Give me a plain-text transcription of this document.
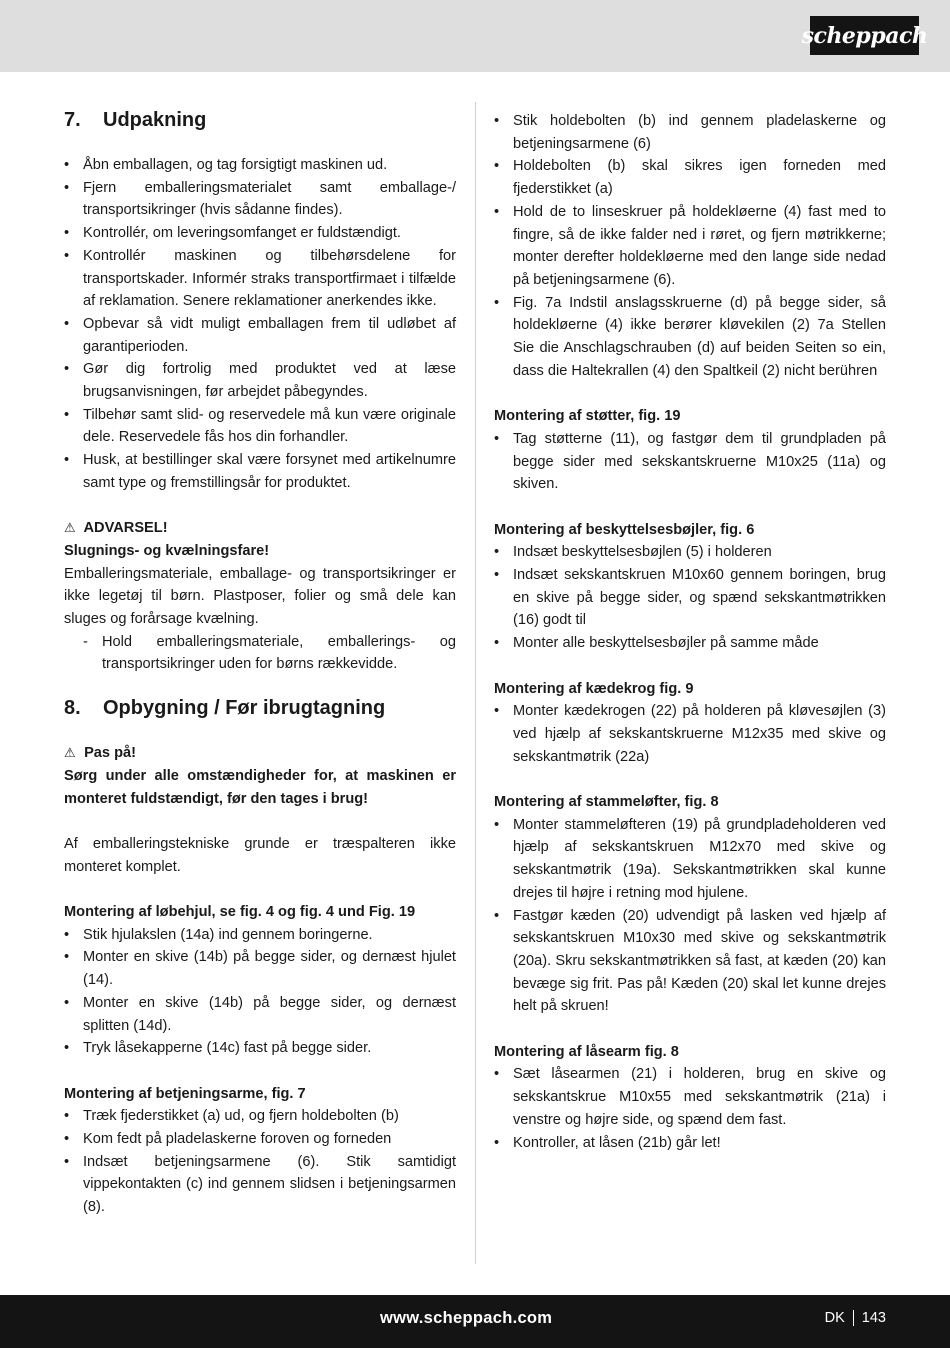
scheppach
7.	Udpakning
• Åbn emballagen, og tag forsigtigt maskinen ud.
• Fjern emballeringsmaterialet samt emballage-/ transportsikringer (hvis sådanne findes).
• Kontrollér, om leveringsomfanget er fuldstændigt.
• Kontrollér maskinen og tilbehørsdelene for transportskader. Informér straks transportfirmaet i tilfælde af reklamation. Senere reklamationer anerkendes ikke.
• Opbevar så vidt muligt emballagen frem til udløbet af garantiperioden.
• Gør dig fortrolig med produktet ved at læse brugsanvisningen, før arbejdet påbegyndes.
• Tilbehør samt slid- og reservedele må kun være originale dele. Reservedele fås hos din forhandler.
• Husk, at bestillinger skal være forsynet med artikelnumre samt type og fremstillingsår for produktet.
⚠ ADVARSEL!
Slugnings- og kvælningsfare!

Emballeringsmateriale, emballage- og transportsikringer er ikke legetøj til børn. Plastposer, folier og små dele kan sluges og forårsage kvælning.

- Hold emballeringsmateriale, emballerings- og transportsikringer uden for børns rækkevidde.
8.	Opbygning / Før ibrugtagning
⚠ Pas på!

Sørg under alle omstændigheder for, at maskinen er monteret fuldstændigt, før den tages i brug!

Af emballeringstekniske grunde er træspalteren ikke monteret komplet.

Montering af løbehjul, se fig. 4 og fig. 4 und Fig. 19
• Stik hjulakslen (14a) ind gennem boringerne.
• Monter en skive (14b) på begge sider, og dernæst hjulet (14).
• Monter en skive (14b) på begge sider, og dernæst splitten (14d).
• Tryk låsekapperne (14c) fast på begge sider.
Montering af betjeningsarme, fig. 7
• Træk fjederstikket (a) ud, og fjern holdebolten (b)
• Kom fedt på pladelaskerne foroven og forneden
• Indsæt betjeningsarmene (6). Stik samtidigt vippekontakten (c) ind gennem slidsen i betjeningsarmen (8).
• Stik holdebolten (b) ind gennem pladelaskerne og betjeningsarmene (6)
• Holdebolten (b) skal sikres igen forneden med fjederstikket (a)
• Hold de to linseskruer på holdekløerne (4) fast med to fingre, så de ikke falder ned i røret, og fjern møtrikkerne; monter derefter holdekløerne med den lange side nedad på betjeningsarmene (6).
• Fig. 7a Indstil anslagsskruerne (d) på begge sider, så holdekløerne (4) ikke berører kløvekilen (2) 7a Stellen Sie die Anschlagschrauben (d) auf beiden Seiten so ein, dass die Haltekrallen (4) den Spaltkeil (2) nicht berühren
Montering af støtter, fig. 19
• Tag støtterne (11), og fastgør dem til grundpladen på begge sider med sekskantskruerne M10x25 (11a) og skiven.
Montering af beskyttelsesbøjler, fig. 6
• Indsæt beskyttelsesbøjlen (5) i holderen
• Indsæt sekskantskruen M10x60 gennem boringen, brug en skive på begge sider, og spænd sekskantmøtrikken (16) godt til
• Monter alle beskyttelsesbøjler på samme måde
Montering af kædekrog fig. 9
• Monter kædekrogen (22) på holderen på kløvesøjlen (3) ved hjælp af sekskantskruerne M12x35 med skive og sekskantmøtrik (22a)
Montering af stammeløfter, fig. 8
• Monter stammeløfteren (19) på grundpladeholderen ved hjælp af sekskantskruen M12x70 med skive og sekskantmøtrik (19a). Sekskantmøtrikken skal kunne drejes til højre i retning mod hjulene.
• Fastgør kæden (20) udvendigt på lasken ved hjælp af sekskantskruen M10x30 med skive og sekskantmøtrik (20a). Skru sekskantmøtrikken så fast, at kæden (20) kan bevæge sig frit. Pas på! Kæden (20) skal let kunne drejes helt på skruen!
Montering af låsearm fig. 8
• Sæt låsearmen (21) i holderen, brug en skive og sekskantskrue M10x55 med sekskantmøtrik (21a) i venstre og højre side, og spænd dem fast.
• Kontroller, at låsen (21b) går let!
www.scheppach.com	DK 143
